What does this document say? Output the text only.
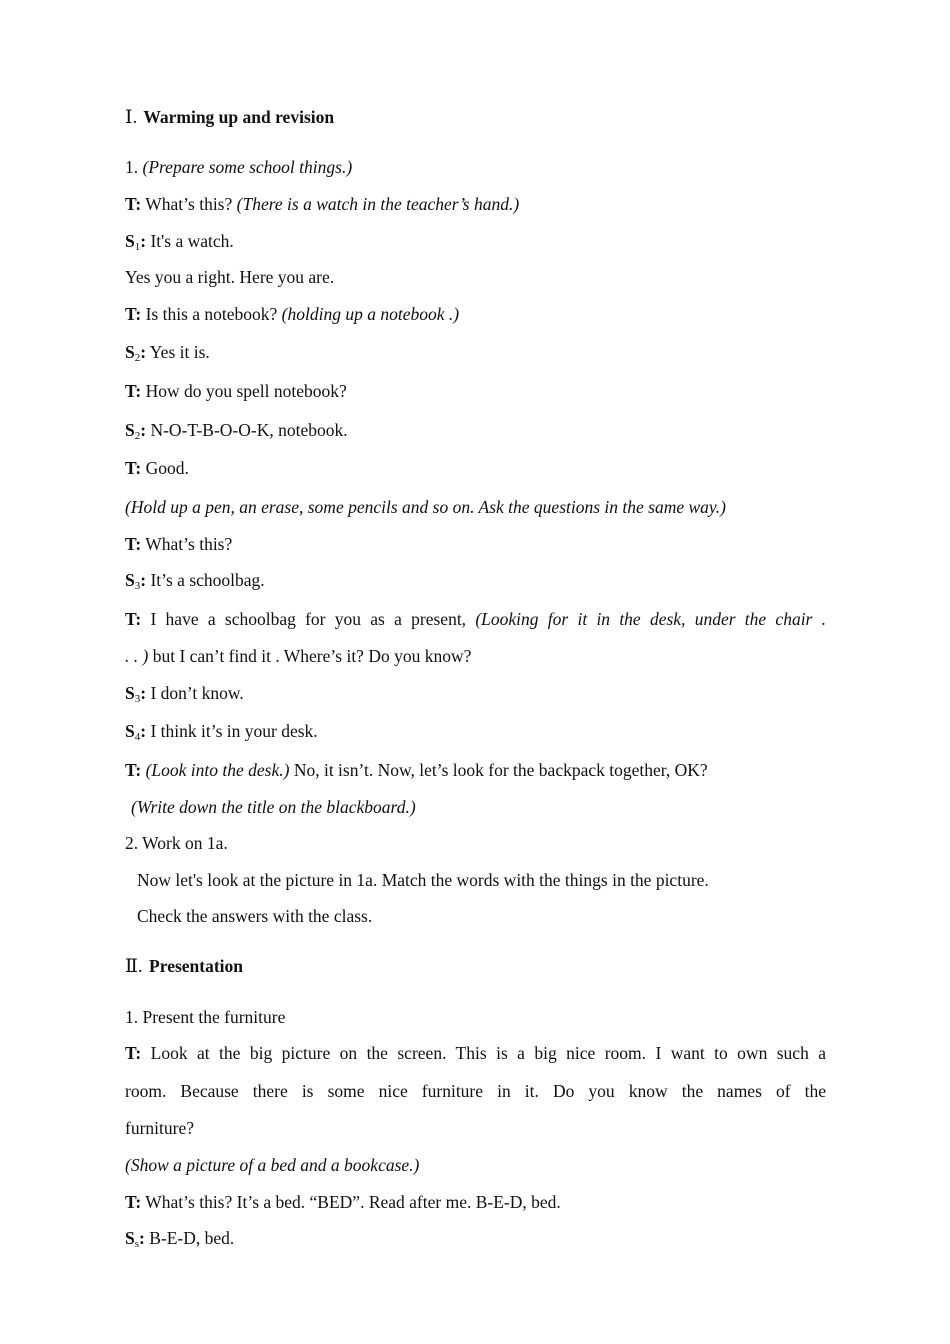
Ⅰ. Warming up and revision
1. (Prepare some school things.)
T: What’s this? (There is a watch in the teacher’s hand.)
$S_1$: It's a watch.
Yes you a right. Here you are.
T: Is this a notebook? (holding up a notebook .)
$S_2$: Yes it is.
T: How do you spell notebook?
$S_2$: N-O-T-B-O-O-K, notebook.
T: Good.
(Hold up a pen, an erase, some pencils and so on. Ask the questions in the same way.)
T: What’s this?
$S_3$: It’s a schoolbag.
T: I have a schoolbag for you as a present, (Looking for it in the desk, under the chair .
. . ) but I can’t find it . Where’s it? Do you know?
$S_3$: I don’t know.
$S_4$: I think it’s in your desk.
T: (Look into the desk.) No, it isn’t. Now, let’s look for the backpack together, OK?
(Write down the title on the blackboard.)
2. Work on 1a.
Now let's look at the picture in 1a. Match the words with the things in the picture.
Check the answers with the class.
Ⅱ. Presentation
1. Present the furniture
T: Look at the big picture on the screen. This is a big nice room. I want to own such a
room. Because there is some nice furniture in it. Do you know the names of the
furniture?
(Show a picture of a bed and a bookcase.)
T: What’s this? It’s a bed. “BED”. Read after me. B-E-D, bed.
$S_s$: B-E-D, bed.
